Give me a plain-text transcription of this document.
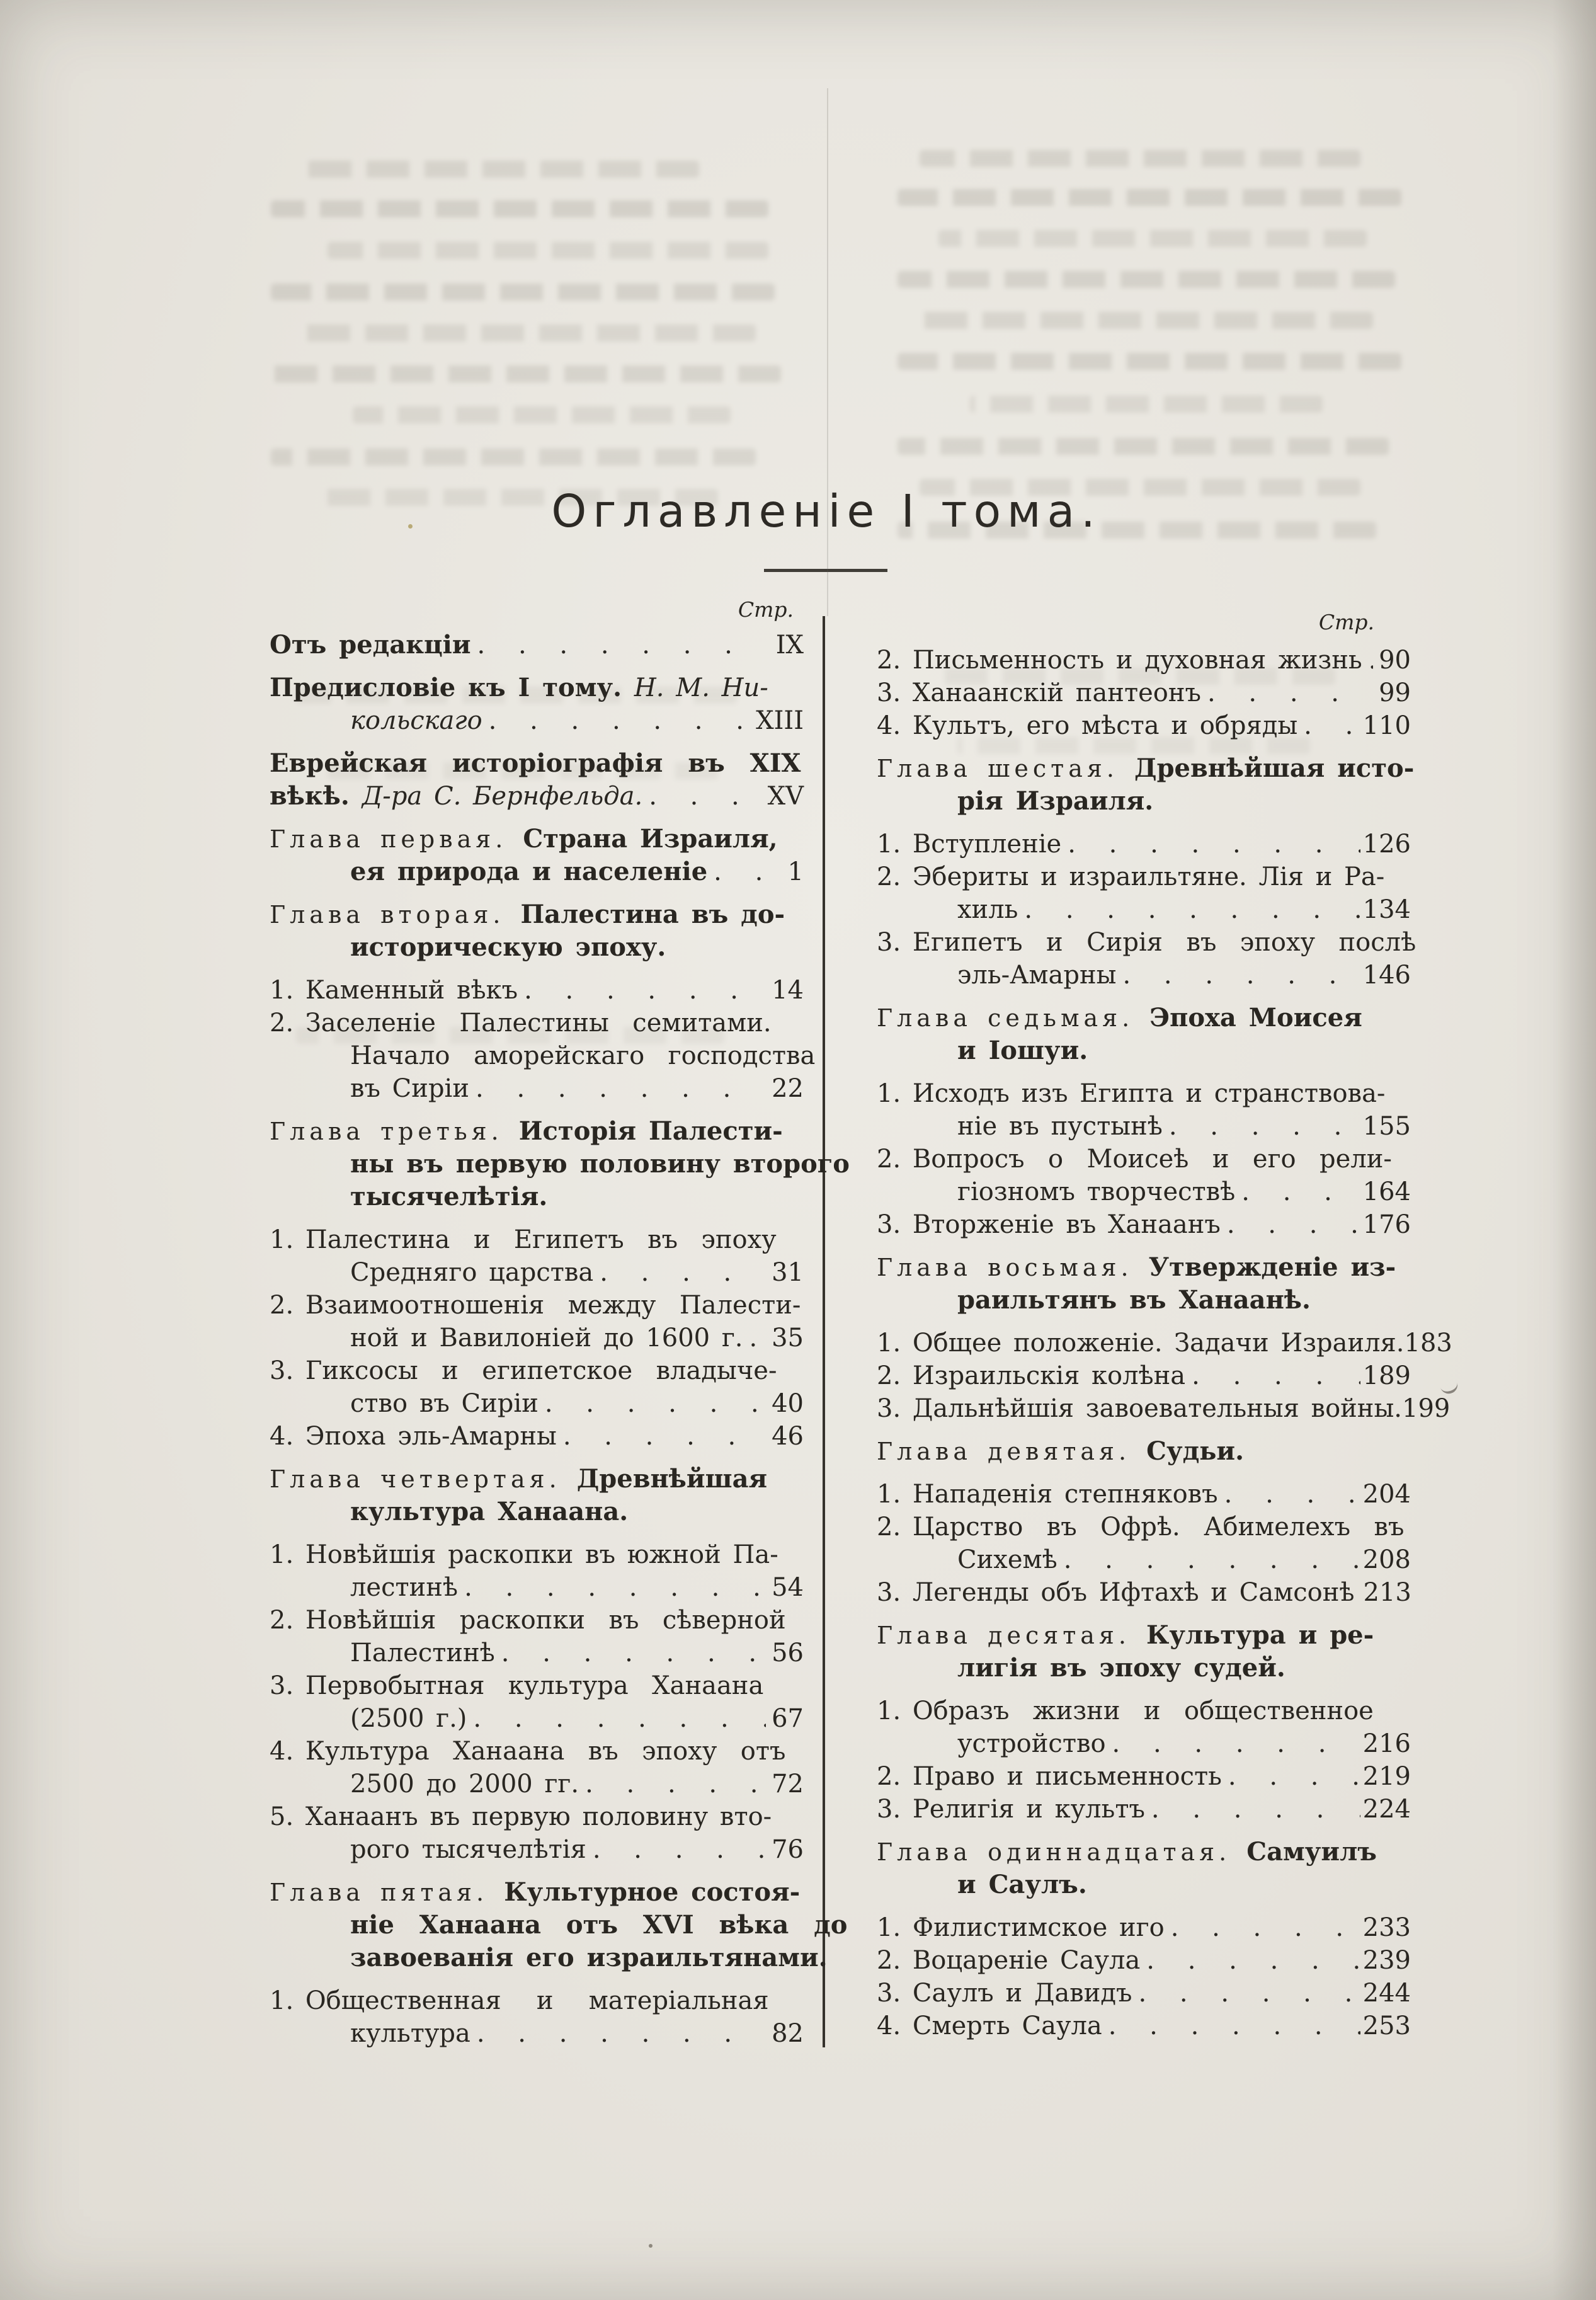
Оглавленіе I тома.
Стр.
Отъ редакціи . . .	IX
Предисловіе къ I тому. Н. М. Ни-
кольскаго . . .	XIII
Еврейская  исторіографія  въ  XIX
вѣкѣ. Д-ра С. Бернфельда. . . .	XV
Глава первая. Страна Израиля,
ея природа и населеніе . . .	1
Глава вторая. Палестина въ до-
историческую эпоху.
1. Каменный вѣкъ . . .	14
2. Заселеніе  Палестины  семитами.
Начало  аморейскаго  господства
въ Сиріи . . .	22
Глава третья. Исторія Палести-
ны въ первую половину второго
тысячелѣтія.
1. Палестина  и  Египетъ  въ  эпоху
Средняго царства . . .	31
2. Взаимоотношенія  между  Палести-
ной и Вавилоніей до 1600 г. . . . 35
3. Гиксосы  и  египетское  владыче-
ство въ Сиріи . . .	40
4. Эпоха эль-Амарны . . .	46
Глава четвертая. Древнѣйшая
культура Ханаана.
1. Новѣйшія раскопки въ южной Па-
лестинѣ . . .	54
2. Новѣйшія  раскопки  въ  сѣверной
Палестинѣ . . .	56
3. Первобытная  культура  Ханаана
(2500 г.) . . .	67
4. Культура  Ханаана  въ  эпоху  отъ
2500 до 2000 гг. . . .	72
5. Ханаанъ въ первую половину вто-
рого тысячелѣтія . . .	76
Глава пятая. Культурное состоя-
ніе  Ханаана  отъ  XVI  вѣка  до
завоеванія его израильтянами.
1. Общественная   и   матеріальная
культура . . .	82
Стр.
2. Письменность и духовная жизнь . . . 90
3. Ханаанскій пантеонъ . . .	99
4. Культъ, его мѣста и обряды . . .	110
Глава шестая. Древнѣйшая исто-
рія Израиля.
1. Вступленіе . . .	126
2. Эбериты и израильтяне. Лія и Ра-
хиль . . .	134
3. Египетъ  и  Сирія  въ  эпоху  послѣ
эль-Амарны . . .	146
Глава седьмая. Эпоха Моисея
и Іошуи.
1. Исходъ изъ Египта и странствова-
ніе въ пустынѣ . . .	155
2. Вопросъ  о  Моисеѣ  и  его  рели-
гіозномъ творчествѣ . . .	164
3. Вторженіе въ Ханаанъ . . .	176
Глава восьмая. Утвержденіе из-
раильтянъ въ Ханаанѣ.
1. Общее положеніе. Задачи Израиля. 183
2. Израильскія колѣна . . .	189
3. Дальнѣйшія завоевательныя войны. 199
Глава девятая. Судьи.
1. Нападенія степняковъ . . .	204
2. Царство  въ  Офрѣ.  Абимелехъ  въ
Сихемѣ . . .	208
3. Легенды объ Ифтахѣ и Самсонѣ 213
Глава десятая. Культура и ре-
лигія въ эпоху судей.
1. Образъ  жизни  и  общественное
устройство . . .	216
2. Право и письменность . . .	219
3. Религія и культъ . . .	224
Глава одиннадцатая. Самуилъ
и Саулъ.
1. Филистимское иго . . .	233
2. Воцареніе Саула . . .	239
3. Саулъ и Давидъ . . .	244
4. Смерть Саула . . .	253
